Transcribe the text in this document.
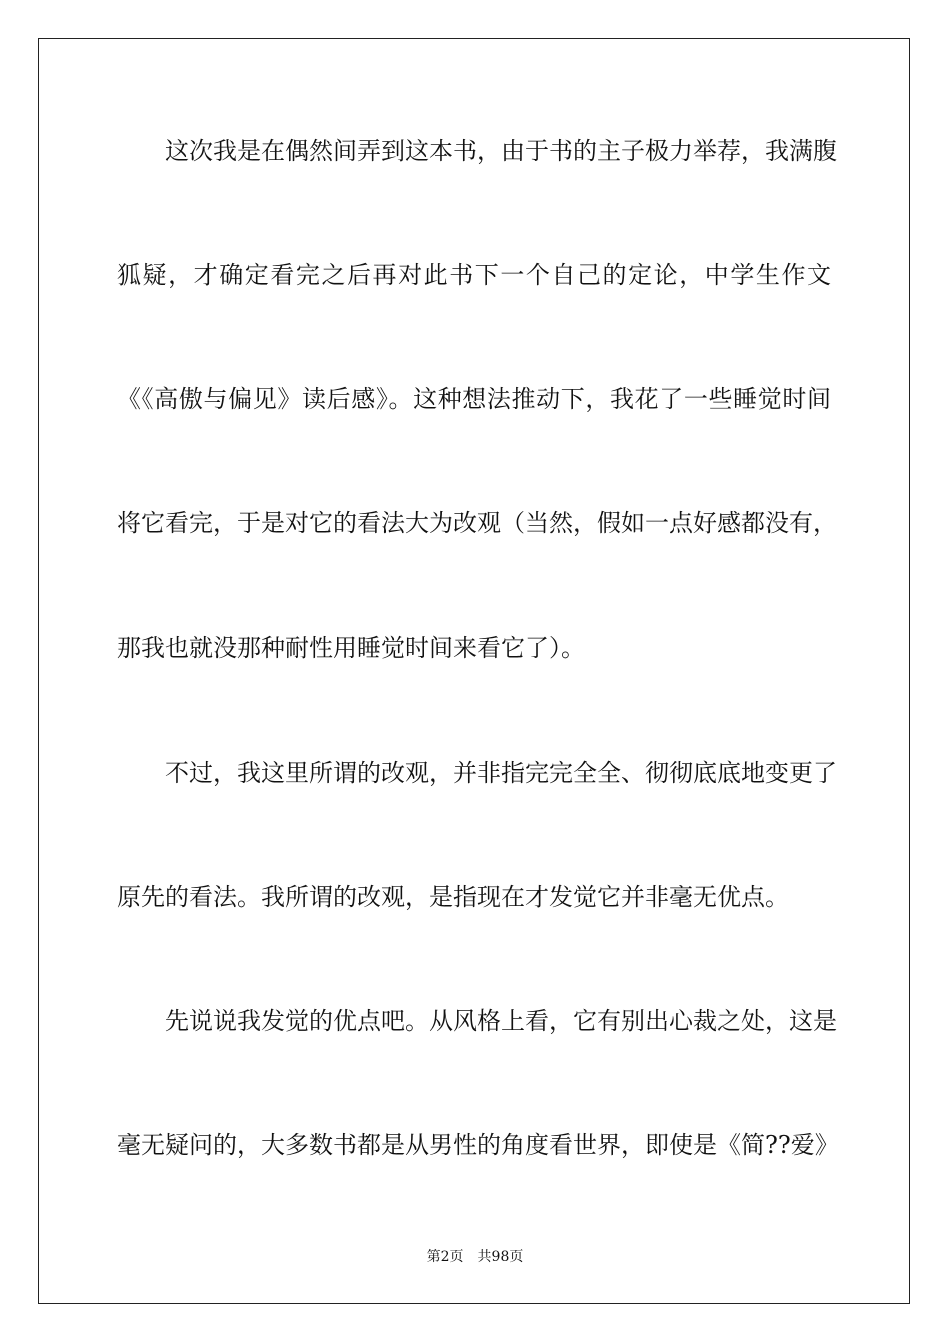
这次我是在偶然间弄到这本书，由于书的主子极力举荐，我满腹
狐疑，才确定看完之后再对此书下一个自己的定论，中学生作文
《《高傲与偏见》读后感》。这种想法推动下，我花了一些睡觉时间
将它看完，于是对它的看法大为改观（当然，假如一点好感都没有，
那我也就没那种耐性用睡觉时间来看它了）。
不过，我这里所谓的改观，并非指完完全全、彻彻底底地变更了
原先的看法。我所谓的改观，是指现在才发觉它并非毫无优点。
先说说我发觉的优点吧。从风格上看，它有别出心裁之处，这是
毫无疑问的，大多数书都是从男性的角度看世界，即使是《简??爱》
第2页 共98页
